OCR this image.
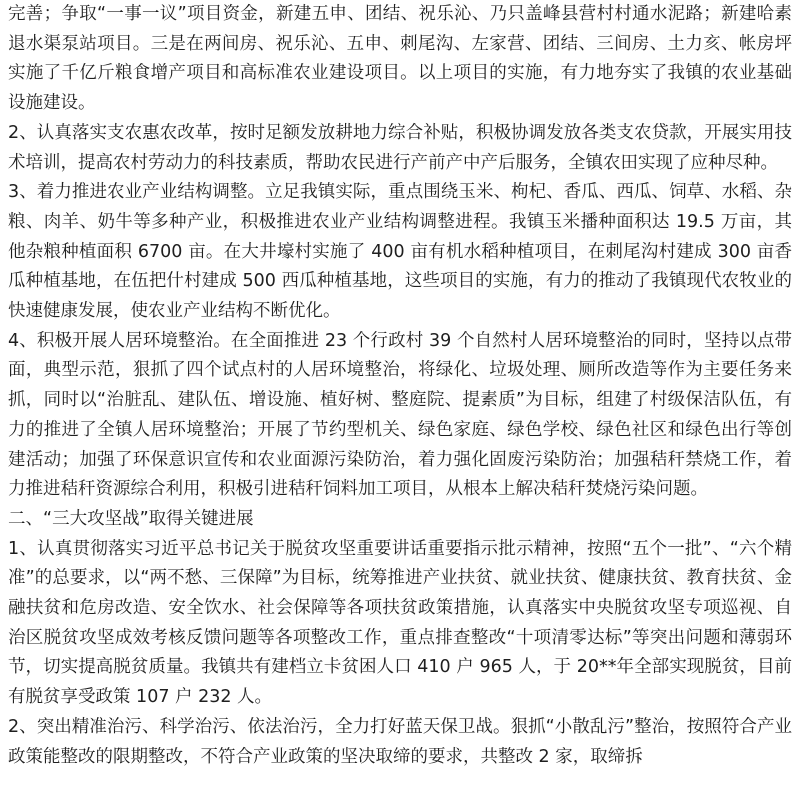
完善；争取“一事一议”项目资金，新建五申、团结、祝乐沁、乃只盖峰县营村村通水泥路；新建哈素退水渠泵站项目。三是在两间房、祝乐沁、五申、刺尾沟、左家营、团结、三间房、土力亥、帐房坪实施了千亿斤粮食增产项目和高标准农业建设项目。以上项目的实施，有力地夯实了我镇的农业基础设施建设。

2、认真落实支农惠农改革，按时足额发放耕地力综合补贴，积极协调发放各类支农贷款，开展实用技术培训，提高农村劳动力的科技素质，帮助农民进行产前产中产后服务，全镇农田实现了应种尽种。

3、着力推进农业产业结构调整。立足我镇实际，重点围绕玉米、枸杞、香瓜、西瓜、饲草、水稻、杂粮、肉羊、奶牛等多种产业，积极推进农业产业结构调整进程。我镇玉米播种面积达 19.5 万亩，其他杂粮种植面积 6700 亩。在大井壕村实施了 400 亩有机水稻种植项目，在刺尾沟村建成 300 亩香瓜种植基地，在伍把什村建成 500 西瓜种植基地，这些项目的实施，有力的推动了我镇现代农牧业的快速健康发展，使农业产业结构不断优化。

4、积极开展人居环境整治。在全面推进 23 个行政村 39 个自然村人居环境整治的同时，坚持以点带面，典型示范，狠抓了四个试点村的人居环境整治，将绿化、垃圾处理、厕所改造等作为主要任务来抓，同时以“治脏乱、建队伍、增设施、植好树、整庭院、提素质”为目标，组建了村级保洁队伍，有力的推进了全镇人居环境整治；开展了节约型机关、绿色家庭、绿色学校、绿色社区和绿色出行等创建活动；加强了环保意识宣传和农业面源污染防治，着力强化固废污染防治；加强秸秆禁烧工作，着力推进秸秆资源综合利用，积极引进秸秆饲料加工项目，从根本上解决秸秆焚烧污染问题。

二、“三大攻坚战”取得关键进展

1、认真贯彻落实习近平总书记关于脱贫攻坚重要讲话重要指示批示精神，按照“五个一批”、“六个精准”的总要求，以“两不愁、三保障”为目标，统筹推进产业扶贫、就业扶贫、健康扶贫、教育扶贫、金融扶贫和危房改造、安全饮水、社会保障等各项扶贫政策措施，认真落实中央脱贫攻坚专项巡视、自治区脱贫攻坚成效考核反馈问题等各项整改工作，重点排查整改“十项清零达标”等突出问题和薄弱环节，切实提高脱贫质量。我镇共有建档立卡贫困人口 410 户 965 人，于 20**年全部实现脱贫，目前有脱贫享受政策 107 户 232 人。

2、突出精准治污、科学治污、依法治污，全力打好蓝天保卫战。狠抓“小散乱污”整治，按照符合产业政策能整改的限期整改，不符合产业政策的坚决取缔的要求，共整改 2 家，取缔拆
